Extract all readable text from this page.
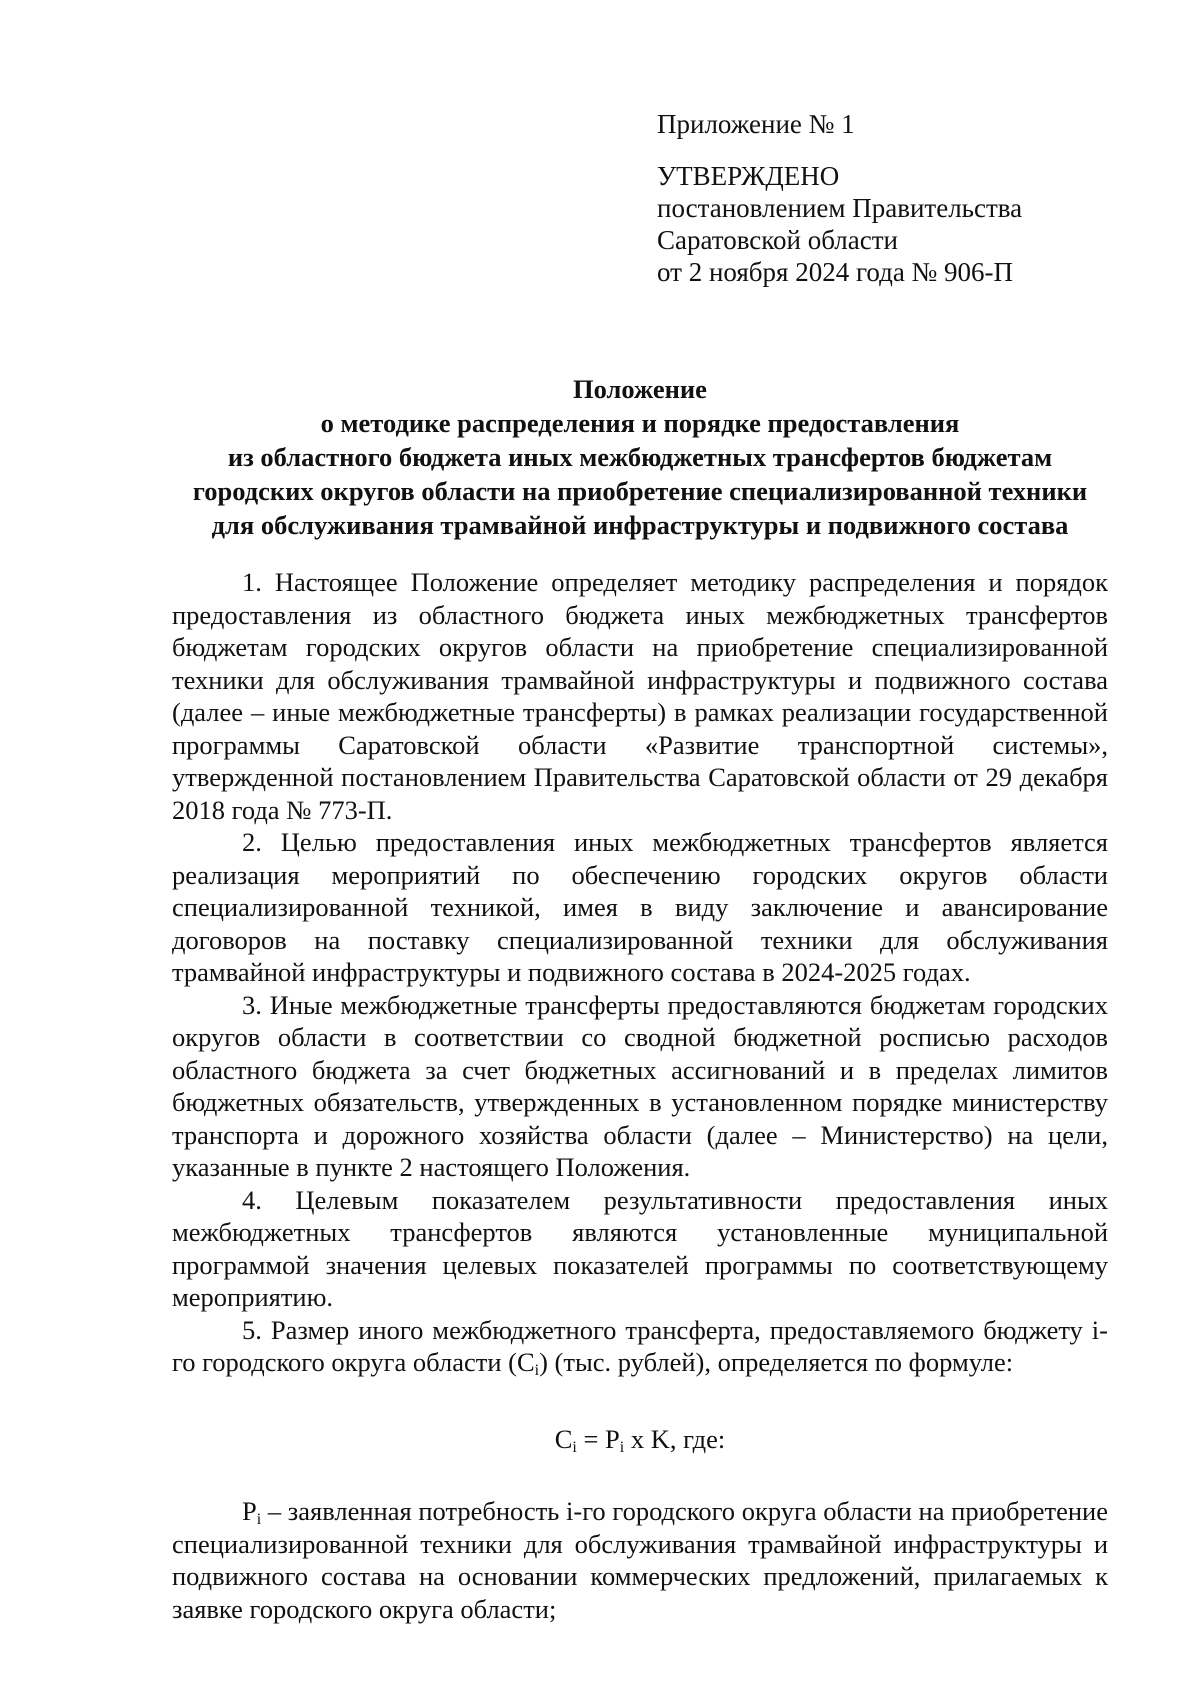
Приложение № 1
УТВЕРЖДЕНО
постановлением Правительства
Саратовской области
от 2 ноября 2024 года № 906-П
Положение
о методике распределения и порядке предоставления
из областного бюджета иных межбюджетных трансфертов бюджетам
городских округов области на приобретение специализированной техники
для обслуживания трамвайной инфраструктуры и подвижного состава

1. Настоящее Положение определяет методику распределения и порядок предоставления из областного бюджета иных межбюджетных трансфертов бюджетам городских округов области на приобретение специализированной техники для обслуживания трамвайной инфраструктуры и подвижного состава (далее – иные межбюджетные трансферты) в рамках реализации государственной программы Саратовской области «Развитие транспортной системы», утвержденной постановлением Правительства Саратовской области от 29 декабря 2018 года № 773-П.

2. Целью предоставления иных межбюджетных трансфертов является реализация мероприятий по обеспечению городских округов области специализированной техникой, имея в виду заключение и авансирование договоров на поставку специализированной техники для обслуживания трамвайной инфраструктуры и подвижного состава в 2024-2025 годах.

3. Иные межбюджетные трансферты предоставляются бюджетам городских округов области в соответствии со сводной бюджетной росписью расходов областного бюджета за счет бюджетных ассигнований и в пределах лимитов бюджетных обязательств, утвержденных в установленном порядке министерству транспорта и дорожного хозяйства области (далее – Министерство) на цели, указанные в пункте 2 настоящего Положения.

4. Целевым показателем результативности предоставления иных межбюджетных трансфертов являются установленные муниципальной программой значения целевых показателей программы по соответствующему мероприятию.

5. Размер иного межбюджетного трансферта, предоставляемого бюджету i-го городского округа области $(C_i)$ (тыс. рублей), определяется по формуле:

$C_i = P_i$ x K, где:

$P_i$ – заявленная потребность i-го городского округа области на приобретение специализированной техники для обслуживания трамвайной инфраструктуры и подвижного состава на основании коммерческих предложений, прилагаемых к заявке городского округа области;
